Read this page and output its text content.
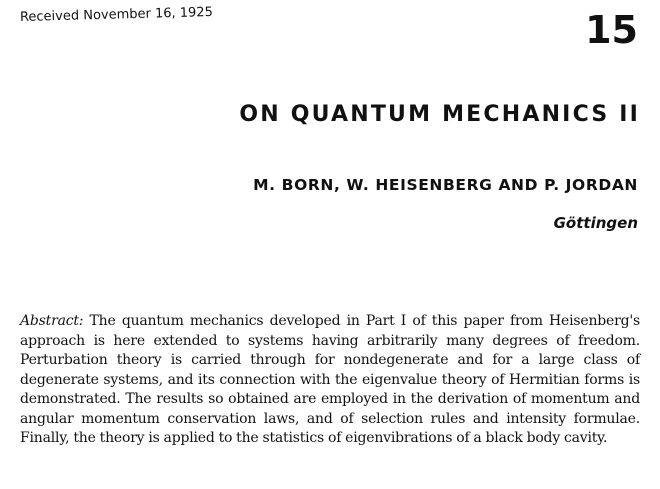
Received November 16, 1925	15
ON QUANTUM MECHANICS II
M. BORN, W. HEISENBERG AND P. JORDAN
Göttingen
Abstract: The quantum mechanics developed in Part I of this paper from Heisenberg's approach is here extended to systems having arbitrarily many degrees of freedom. Perturbation theory is carried through for nondegenerate and for a large class of degenerate systems, and its connection with the eigenvalue theory of Hermitian forms is demonstrated. The results so obtained are employed in the derivation of momentum and angular momentum conservation laws, and of selection rules and intensity formulae. Finally, the theory is applied to the statistics of eigenvibrations of a black body cavity.
